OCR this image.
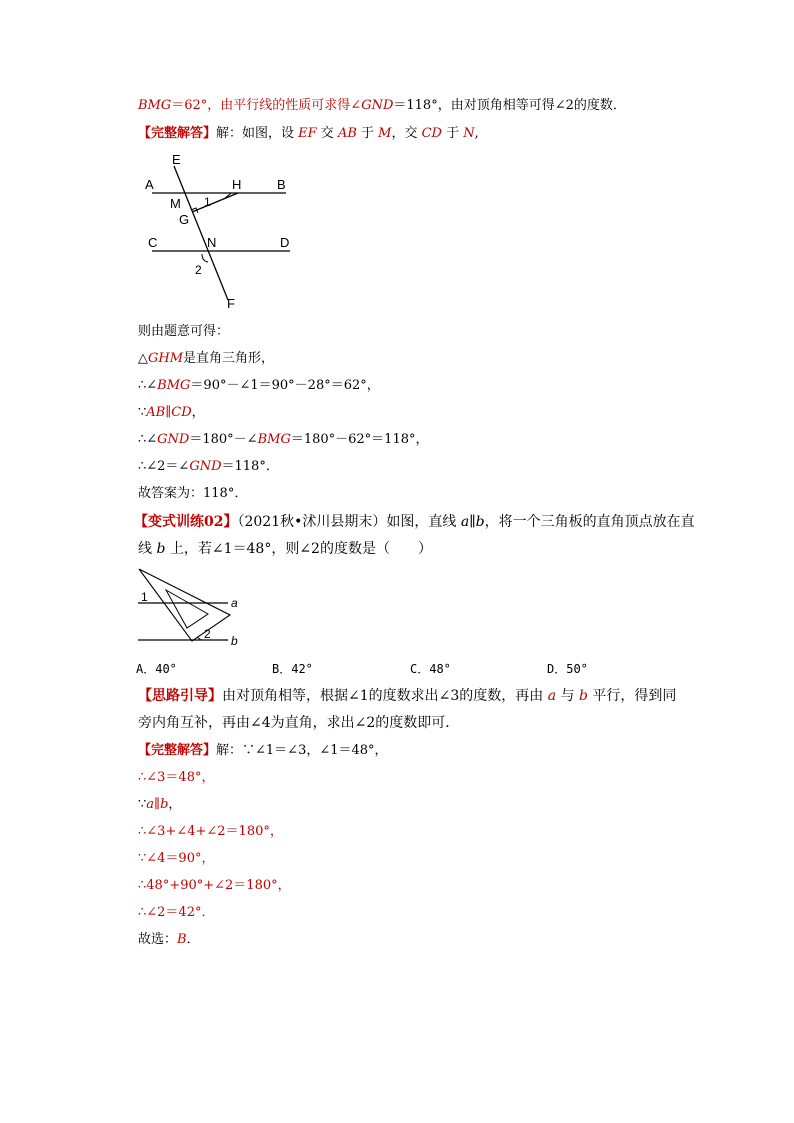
BMG＝62°，由平行线的性质可求得∠GND＝118°，由对顶角相等可得∠2的度数．
【完整解答】解：如图，设 EF 交 AB 于 M，交 CD 于 N,
E
A	H	B
M 1
G
C	N	D
2
F
则由题意可得：
△GHM是直角三角形，
∴∠BMG＝90°－∠1＝90°－28°＝62°，
∵AB∥CD，
∴∠GND＝180°－∠BMG＝180°－62°＝118°，
∴∠2＝∠GND＝118°．
故答案为：118°．
【变式训练02】（2021秋•沭川县期末）如图，直线 a∥b，将一个三角板的直角顶点放在直
线 b 上，若∠1＝48°，则∠2的度数是（　　）
1	a
2 b
A．40°	B．42°	C．48°	D．50°
【思路引导】由对顶角相等，根据∠1的度数求出∠3的度数，再由 a 与 b 平行，得到同
旁内角互补，再由∠4为直角，求出∠2的度数即可．
【完整解答】解：∵∠1＝∠3，∠1＝48°，
∴∠3＝48°，
∵a∥b，
∴∠3+∠4+∠2＝180°，
∵∠4＝90°，
∴48°+90°+∠2＝180°，
∴∠2＝42°．
故选：B．
